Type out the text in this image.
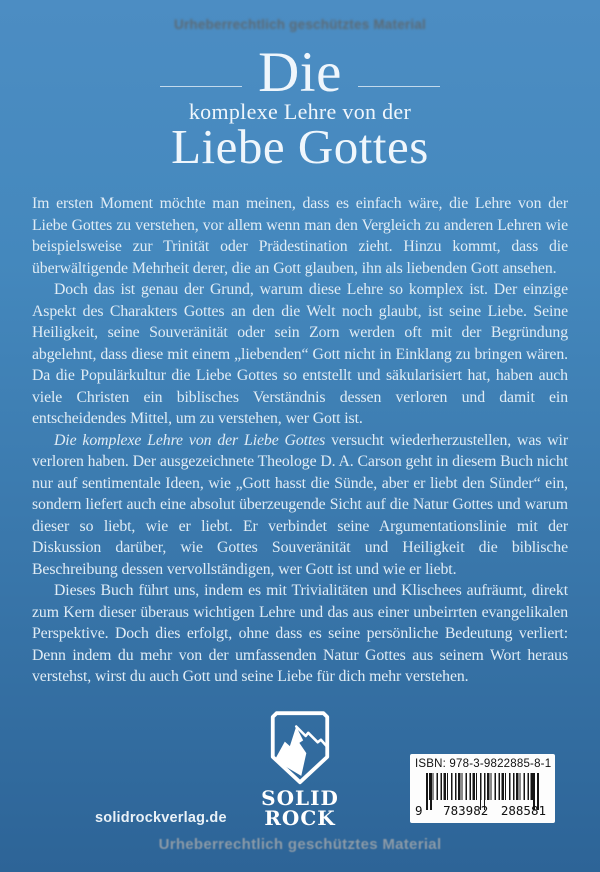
Urheberrechtlich geschütztes Material
Die
komplexe Lehre von der
Liebe Gottes

Im ersten Moment möchte man meinen, dass es einfach wäre, die Lehre von der Liebe Gottes zu verstehen, vor allem wenn man den Vergleich zu anderen Lehren wie beispielsweise zur Trinität oder Prädestination zieht. Hinzu kommt, dass die überwältigende Mehrheit derer, die an Gott glauben, ihn als liebenden Gott ansehen.

Doch das ist genau der Grund, warum diese Lehre so komplex ist. Der einzige Aspekt des Charakters Gottes an den die Welt noch glaubt, ist seine Liebe. Seine Heiligkeit, seine Souveränität oder sein Zorn werden oft mit der Begründung abgelehnt, dass diese mit einem „liebenden“ Gott nicht in Einklang zu bringen wären. Da die Populärkultur die Liebe Gottes so entstellt und säkularisiert hat, haben auch viele Christen ein biblisches Verständnis dessen verloren und damit ein entscheidendes Mittel, um zu verstehen, wer Gott ist.

Die komplexe Lehre von der Liebe Gottes versucht wiederherzustellen, was wir verloren haben. Der ausgezeichnete Theologe D. A. Carson geht in diesem Buch nicht nur auf sentimentale Ideen, wie „Gott hasst die Sünde, aber er liebt den Sünder“ ein, sondern liefert auch eine absolut überzeugende Sicht auf die Natur Gottes und warum dieser so liebt, wie er liebt. Er verbindet seine Argumentationslinie mit der Diskussion darüber, wie Gottes Souveränität und Heiligkeit die biblische Beschreibung dessen vervollständigen, wer Gott ist und wie er liebt.

Dieses Buch führt uns, indem es mit Trivialitäten und Klischees aufräumt, direkt zum Kern dieser überaus wichtigen Lehre und das aus einer unbeirrten evangelikalen Perspektive. Doch dies erfolgt, ohne dass es seine persönliche Bedeutung verliert: Denn indem du mehr von der umfassenden Natur Gottes aus seinem Wort heraus verstehst, wirst du auch Gott und seine Liebe für dich mehr verstehen.

solidrockverlag.de
SOLID
ROCK
ISBN: 978-3-9822885-8-1
9 783982 288581
Urheberrechtlich geschütztes Material
